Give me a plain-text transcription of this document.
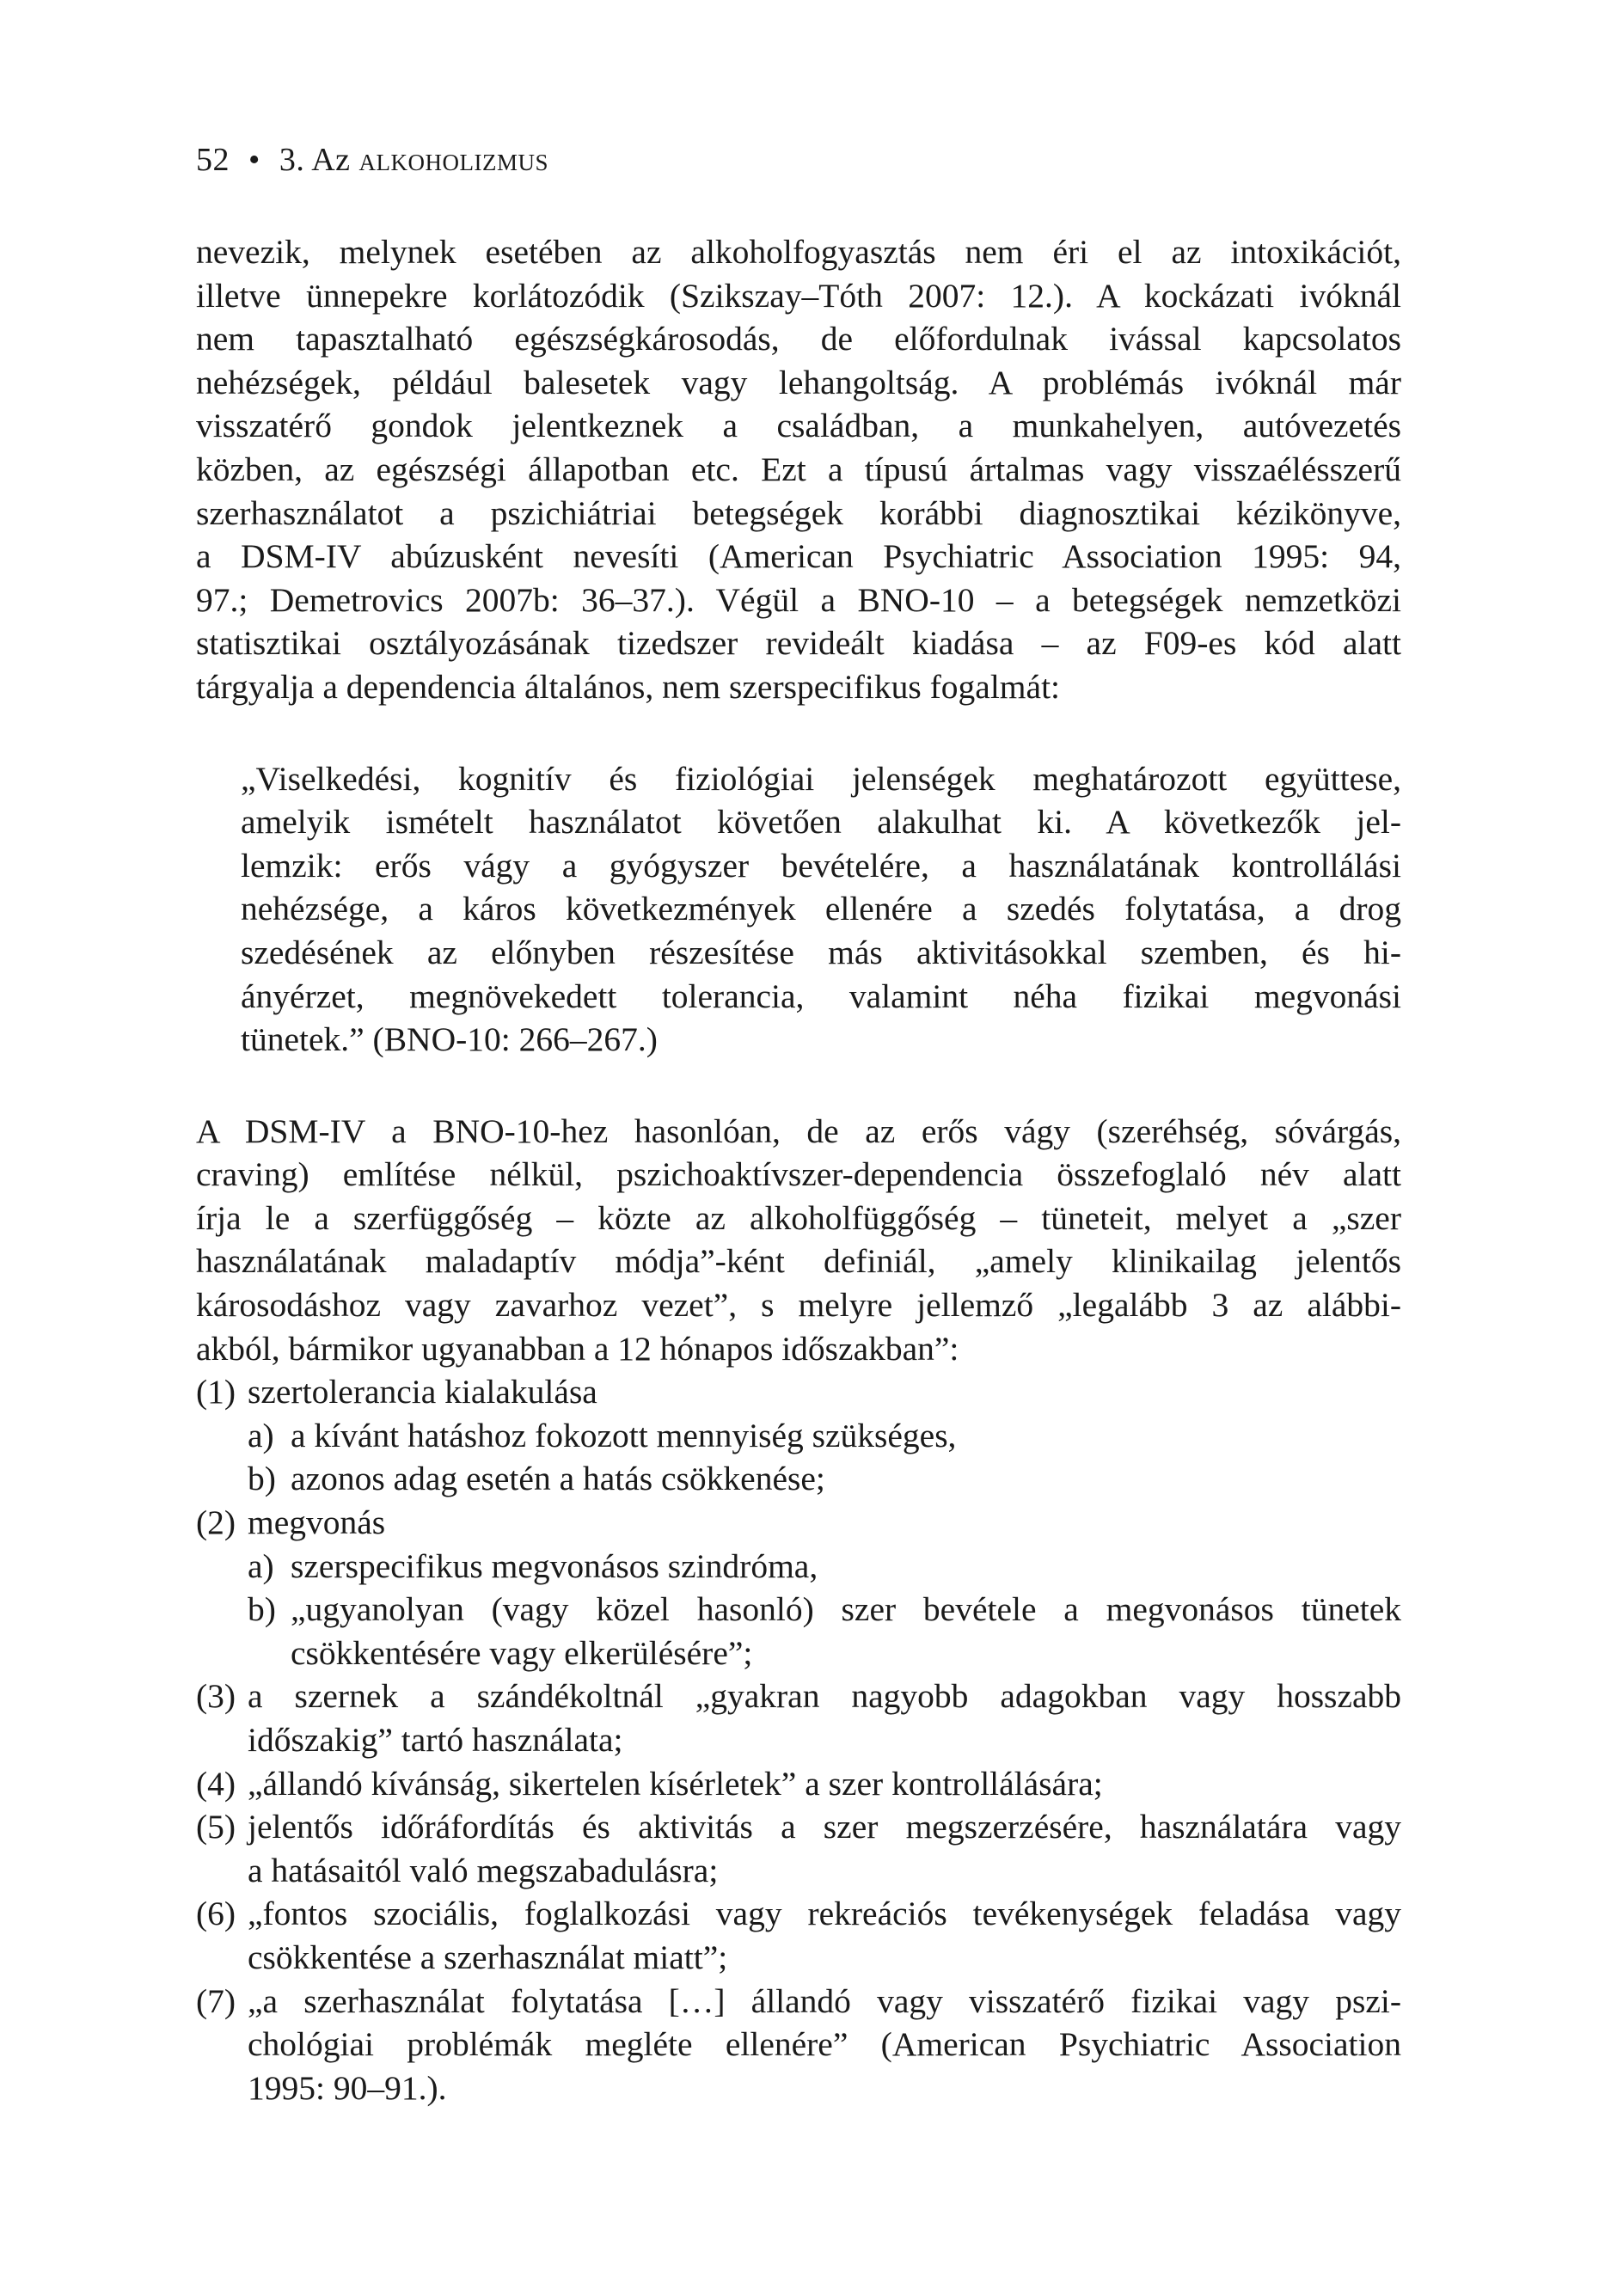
52 • 3. Az alkoholizmus

nevezik, melynek esetében az alkoholfogyasztás nem éri el az intoxikációt,
illetve ünnepekre korlátozódik (Szikszay–Tóth 2007: 12.). A kockázati ivóknál
nem tapasztalható egészségkárosodás, de előfordulnak ivással kapcsolatos
nehézségek, például balesetek vagy lehangoltság. A problémás ivóknál már
visszatérő gondok jelentkeznek a családban, a munkahelyen, autóvezetés
közben, az egészségi állapotban etc. Ezt a típusú ártalmas vagy visszaélésszerű
szerhasználatot a pszichiátriai betegségek korábbi diagnosztikai kézikönyve,
a DSM-IV abúzusként nevesíti (American Psychiatric Association 1995: 94,
97.; Demetrovics 2007b: 36–37.). Végül a BNO-10 – a betegségek nemzetközi
statisztikai osztályozásának tizedszer revideált kiadása – az F09-es kód alatt
tárgyalja a dependencia általános, nem szerspecifikus fogalmát:

„Viselkedési, kognitív és fiziológiai jelenségek meghatározott együttese,
amelyik ismételt használatot követően alakulhat ki. A következők jel-
lemzik: erős vágy a gyógyszer bevételére, a használatának kontrollálási
nehézsége, a káros következmények ellenére a szedés folytatása, a drog
szedésének az előnyben részesítése más aktivitásokkal szemben, és hi-
ányérzet, megnövekedett tolerancia, valamint néha fizikai megvonási
tünetek.” (BNO-10: 266–267.)

A DSM-IV a BNO-10-hez hasonlóan, de az erős vágy (szeréhség, sóvárgás,
craving) említése nélkül, pszichoaktívszer-dependencia összefoglaló név alatt
írja le a szerfüggőség – közte az alkoholfüggőség – tüneteit, melyet a „szer
használatának maladaptív módja”-ként definiál, „amely klinikailag jelentős
károsodáshoz vagy zavarhoz vezet”, s melyre jellemző „legalább 3 az alábbi-
akból, bármikor ugyanabban a 12 hónapos időszakban”:

(1) szertolerancia kialakulása
a) a kívánt hatáshoz fokozott mennyiség szükséges,
b) azonos adag esetén a hatás csökkenése;
(2) megvonás
a) szerspecifikus megvonásos szindróma,
b) „ugyanolyan (vagy közel hasonló) szer bevétele a megvonásos tünetek
csökkentésére vagy elkerülésére”;
(3) a szernek a szándékoltnál „gyakran nagyobb adagokban vagy hosszabb
időszakig” tartó használata;
(4) „állandó kívánság, sikertelen kísérletek” a szer kontrollálására;
(5) jelentős időráfordítás és aktivitás a szer megszerzésére, használatára vagy
a hatásaitól való megszabadulásra;
(6) „fontos szociális, foglalkozási vagy rekreációs tevékenységek feladása vagy
csökkentése a szerhasználat miatt”;
(7) „a szerhasználat folytatása […] állandó vagy visszatérő fizikai vagy pszi-
chológiai problémák megléte ellenére” (American Psychiatric Association
1995: 90–91.).
